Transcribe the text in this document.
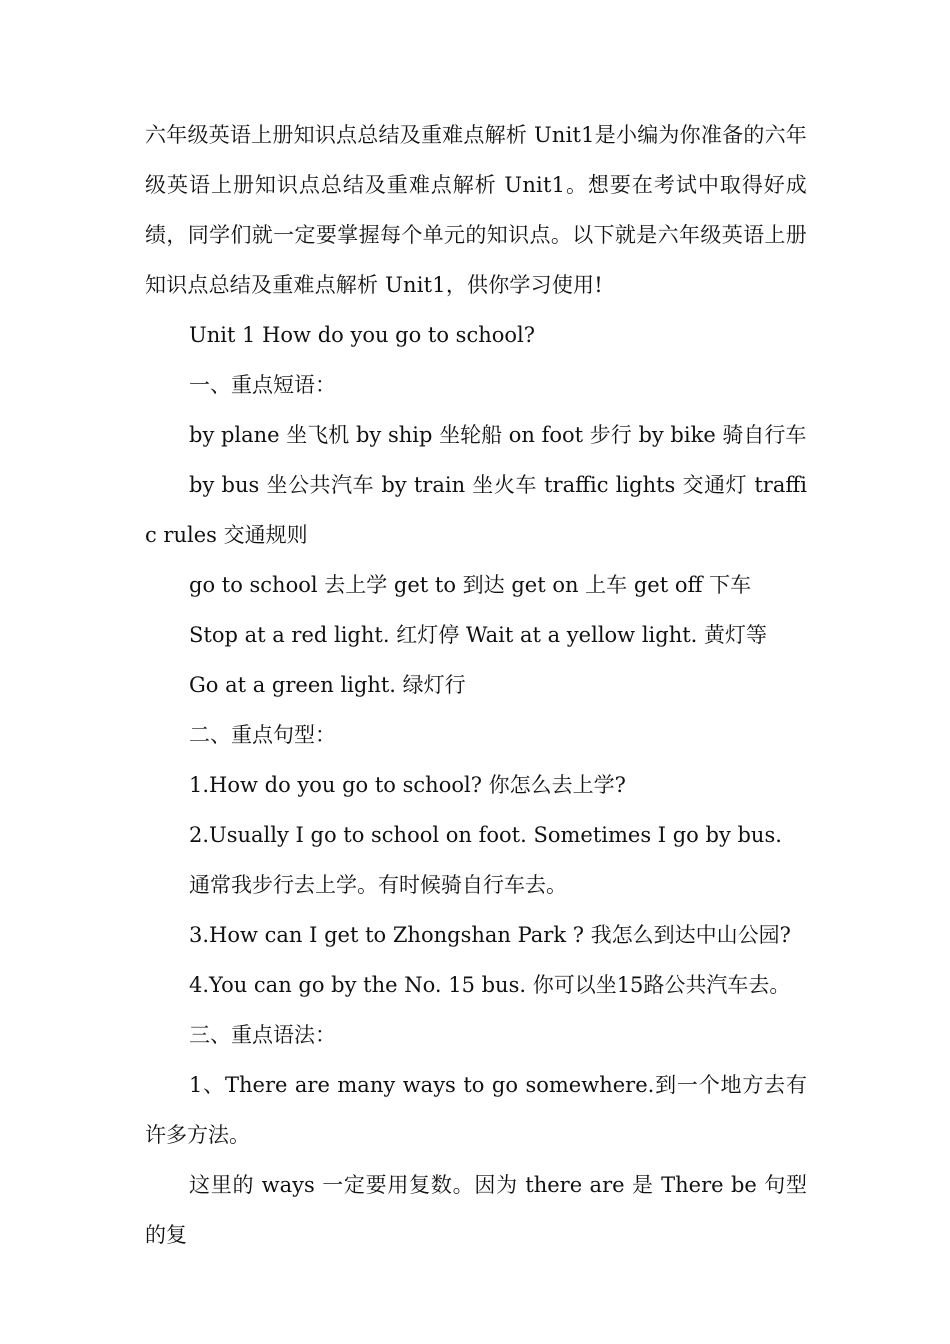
六年级英语上册知识点总结及重难点解析 Unit1是小编为你准备的六年级英语上册知识点总结及重难点解析 Unit1。想要在考试中取得好成绩，同学们就一定要掌握每个单元的知识点。以下就是六年级英语上册知识点总结及重难点解析 Unit1，供你学习使用!

Unit 1 How do you go to school?

一、重点短语：

by plane 坐飞机 by ship 坐轮船 on foot 步行 by bike 骑自行车

by bus 坐公共汽车 by train 坐火车 traffic lights 交通灯 traffic rules 交通规则

go to school 去上学 get to 到达 get on 上车 get off 下车

Stop at a red light. 红灯停 Wait at a yellow light. 黄灯等

Go at a green light. 绿灯行

二、重点句型：

1.How do you go to school? 你怎么去上学?

2.Usually I go to school on foot. Sometimes I go by bus.

通常我步行去上学。有时候骑自行车去。

3.How can I get to Zhongshan Park ? 我怎么到达中山公园?

4.You can go by the No. 15 bus. 你可以坐15路公共汽车去。

三、重点语法：

1、There are many ways to go somewhere.到一个地方去有许多方法。

这里的 ways 一定要用复数。因为 there are 是 There be 句型的复
